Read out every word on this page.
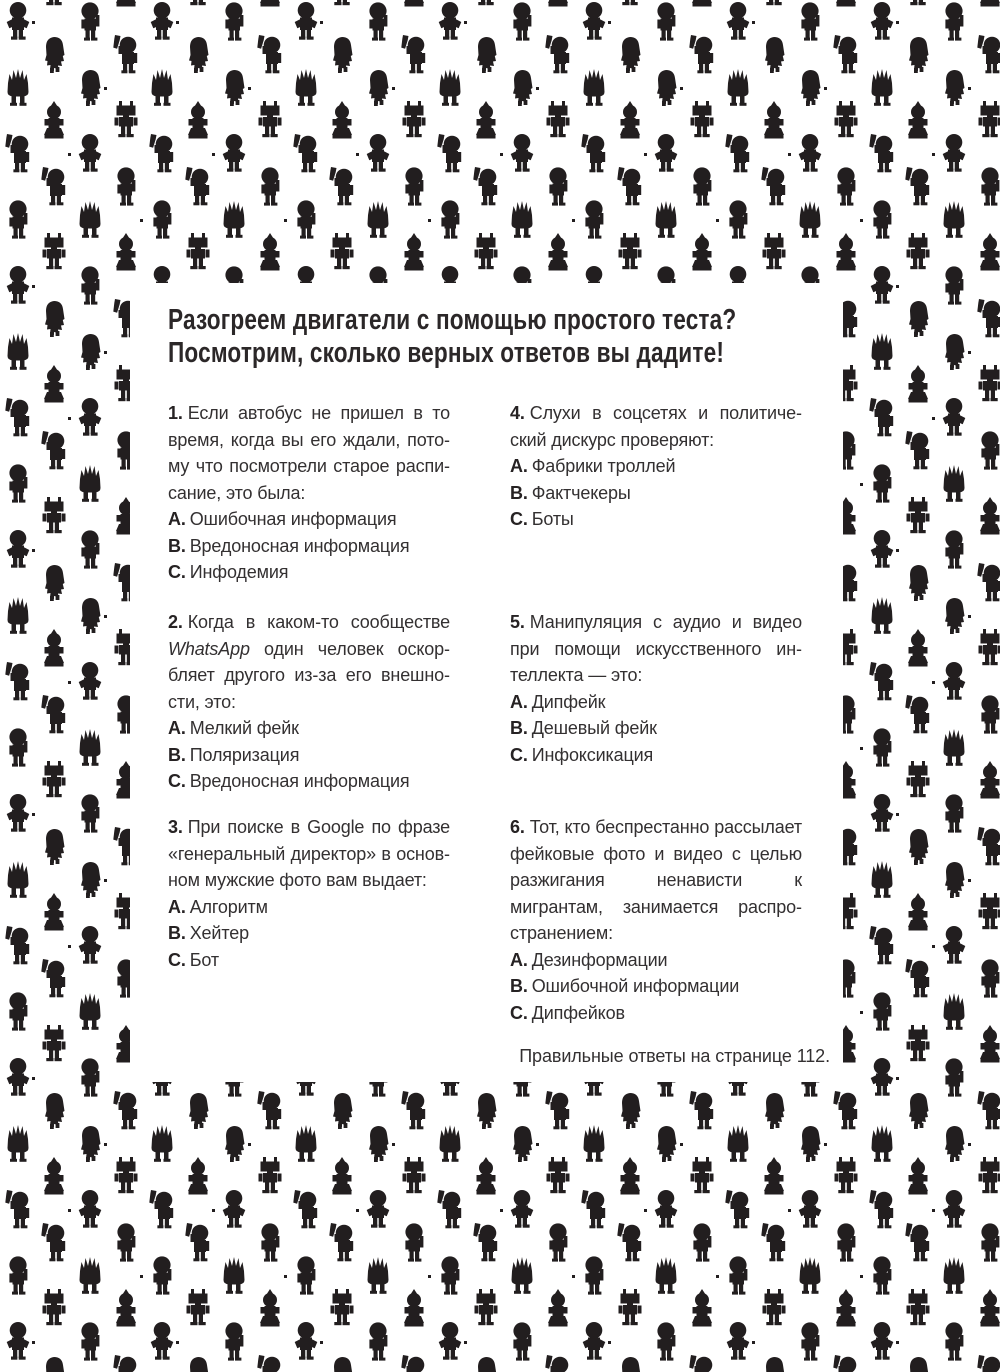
Разогреем двигатели с помощью простого теста?
Посмотрим, сколько верных ответов вы дадите!

1. Если автобус не пришел в то время, когда вы его ждали, потому что посмотрели старое расписание, это была:

A. Ошибочная информация
B. Вредоносная информация
C. Инфодемия

4. Слухи в соцсетях и политический дискурс проверяют:

A. Фабрики троллей
B. Фактчекеры
C. Боты

2. Когда в каком-то сообществе WhatsApp один человек оскорбляет другого из-за его внешности, это:

A. Мелкий фейк
B. Поляризация
C. Вредоносная информация

5. Манипуляция с аудио и видео при помощи искусственного интеллекта — это:

A. Дипфейк
B. Дешевый фейк
C. Инфоксикация

3. При поиске в Google по фразе «генеральный директор» в основном мужские фото вам выдает:

A. Алгоритм
B. Хейтер
C. Бот

6. Тот, кто беспрестанно рассылает фейковые фото и видео с целью разжигания ненависти к мигрантам, занимается распространением:

A. Дезинформации
B. Ошибочной информации
C. Дипфейков
Правильные ответы на странице 112.
